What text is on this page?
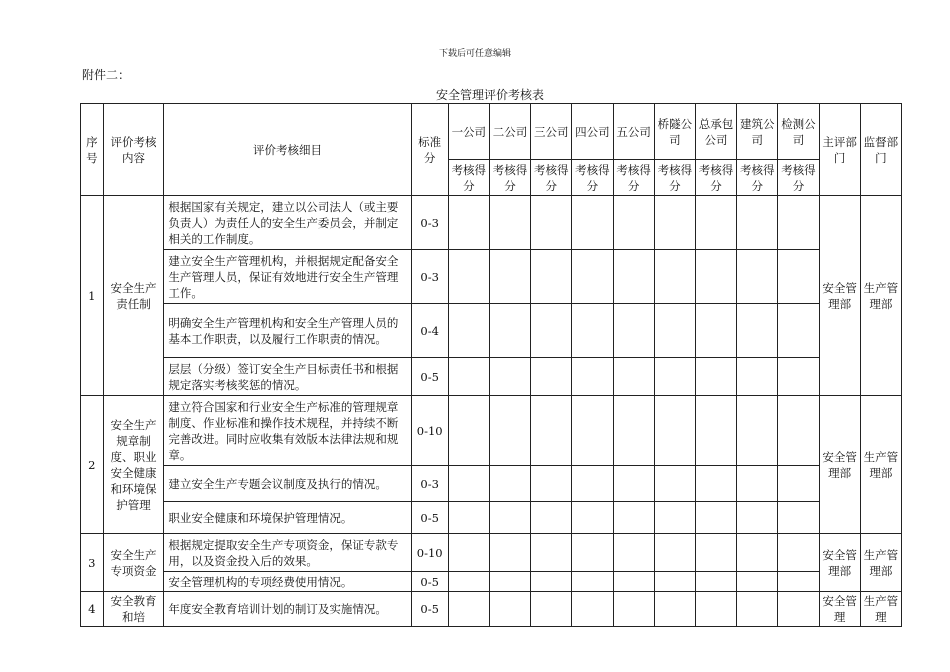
下载后可任意编辑
附件二：
安全管理评价考核表
序号	评价考核内容	评价考核细目	标准分	一公司	二公司	三公司	四公司	五公司	桥隧公司	总承包公司	建筑公司	检测公司	主评部门	监督部门
				考核得分	考核得分	考核得分	考核得分	考核得分	考核得分	考核得分	考核得分	考核得分		
1	安全生产责任制	根据国家有关规定，建立以公司法人（或主要负责人）为责任人的安全生产委员会，并制定相关的工作制度。	0-3										安全管理部	生产管理部
		建立安全生产管理机构，并根据规定配备安全生产管理人员，保证有效地进行安全生产管理工作。	0-3											
		明确安全生产管理机构和安全生产管理人员的基本工作职责，以及履行工作职责的情况。	0-4											
		层层（分级）签订安全生产目标责任书和根据规定落实考核奖惩的情况。	0-5											
2	安全生产规章制度、职业安全健康和环境保护管理	建立符合国家和行业安全生产标准的管理规章制度、作业标准和操作技术规程，并持续不断完善改进。同时应收集有效版本法律法规和规章。	0-10										安全管理部	生产管理部
		建立安全生产专题会议制度及执行的情况。	0-3											
		职业安全健康和环境保护管理情况。	0-5											
3	安全生产专项资金	根据规定提取安全生产专项资金，保证专款专用，以及资金投入后的效果。	0-10										安全管理部	生产管理部
		安全管理机构的专项经费使用情况。	0-5											
4	安全教育和培	年度安全教育培训计划的制订及实施情况。	0-5										安全管理	生产管理
